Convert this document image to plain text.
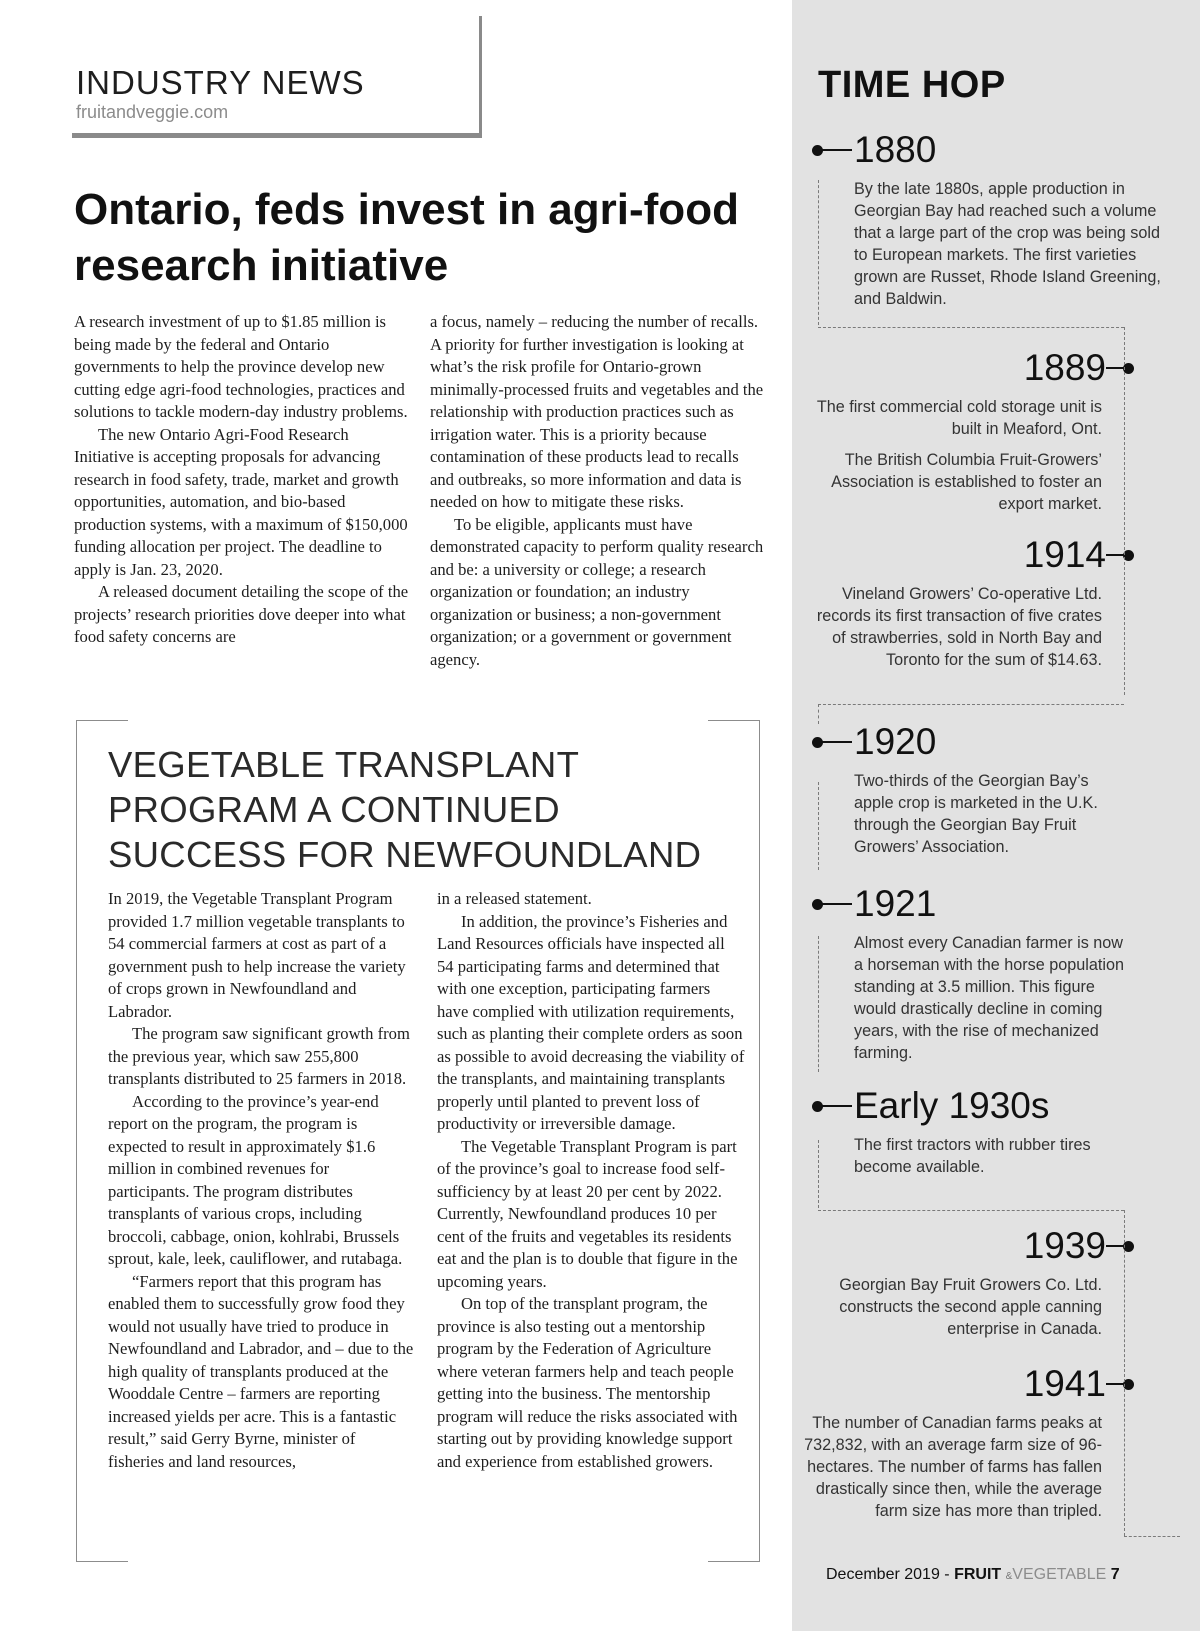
INDUSTRY NEWS
fruitandveggie.com
Ontario, feds invest in agri-food research initiative

A research investment of up to $1.85 million is being made by the federal and Ontario governments to help the province develop new cutting edge agri-food technologies, practices and solutions to tackle modern-day industry problems.

The new Ontario Agri-Food Research Initiative is accepting proposals for advancing research in food safety, trade, market and growth opportunities, automation, and bio-based production systems, with a maximum of $150,000 funding allocation per project. The deadline to apply is Jan. 23, 2020.

A released document detailing the scope of the projects’ research priorities dove deeper into what food safety concerns are

a focus, namely – reducing the number of recalls. A priority for further investigation is looking at what’s the risk profile for Ontario-grown minimally-processed fruits and vegetables and the relationship with production practices such as irrigation water. This is a priority because contamination of these products lead to recalls and outbreaks, so more information and data is needed on how to mitigate these risks.

To be eligible, applicants must have demonstrated capacity to perform quality research and be: a university or college; a research organization or foundation; an industry organization or business; a non-government organization; or a government or government agency.

VEGETABLE TRANSPLANT PROGRAM A CONTINUED SUCCESS FOR NEWFOUNDLAND

In 2019, the Vegetable Transplant Program provided 1.7 million vegetable transplants to 54 commercial farmers at cost as part of a government push to help increase the variety of crops grown in Newfoundland and Labrador.

The program saw significant growth from the previous year, which saw 255,800 transplants distributed to 25 farmers in 2018.

According to the province’s year-end report on the program, the program is expected to result in approximately $1.6 million in combined revenues for participants. The program distributes transplants of various crops, including broccoli, cabbage, onion, kohlrabi, Brussels sprout, kale, leek, cauliflower, and rutabaga.

“Farmers report that this program has enabled them to successfully grow food they would not usually have tried to produce in Newfoundland and Labrador, and – due to the high quality of transplants produced at the Wooddale Centre – farmers are reporting increased yields per acre. This is a fantastic result,” said Gerry Byrne, minister of fisheries and land resources,

in a released statement.

In addition, the province’s Fisheries and Land Resources officials have inspected all 54 participating farms and determined that with one exception, participating farmers have complied with utilization requirements, such as planting their complete orders as soon as possible to avoid decreasing the viability of the transplants, and maintaining transplants properly until planted to prevent loss of productivity or irreversible damage.

The Vegetable Transplant Program is part of the province’s goal to increase food self-sufficiency by at least 20 per cent by 2022. Currently, Newfoundland produces 10 per cent of the fruits and vegetables its residents eat and the plan is to double that figure in the upcoming years.

On top of the transplant program, the province is also testing out a mentorship program by the Federation of Agriculture where veteran farmers help and teach people getting into the business. The mentorship program will reduce the risks associated with starting out by providing knowledge support and experience from established growers.

TIME HOP
1880
By the late 1880s, apple production in Georgian Bay had reached such a volume that a large part of the crop was being sold to European markets. The first varieties grown are Russet, Rhode Island Greening, and Baldwin.
1889
The first commercial cold storage unit is built in Meaford, Ont.
The British Columbia Fruit-Growers’ Association is established to foster an export market.
1914
Vineland Growers’ Co-operative Ltd. records its first transaction of five crates of strawberries, sold in North Bay and Toronto for the sum of $14.63.
1920
Two-thirds of the Georgian Bay’s apple crop is marketed in the U.K. through the Georgian Bay Fruit Growers’ Association.
1921
Almost every Canadian farmer is now a horseman with the horse population standing at 3.5 million. This figure would drastically decline in coming years, with the rise of mechanized farming.
Early 1930s
The first tractors with rubber tires become available.
1939
Georgian Bay Fruit Growers Co. Ltd. constructs the second apple canning enterprise in Canada.
1941
The number of Canadian farms peaks at 732,832, with an average farm size of 96-hectares. The number of farms has fallen drastically since then, while the average farm size has more than tripled.
December 2019 - FRUIT &VEGETABLE 7
